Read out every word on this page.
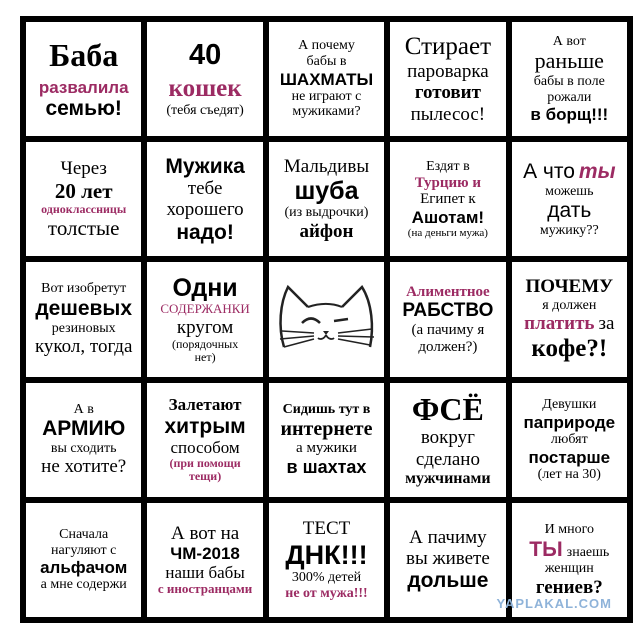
Баба
развалила
семью!
40
кошек
(тебя съедят)
А почему
бабы в
ШАХМАТЫ
не играют с
мужиками?
Стирает
пароварка
готовит
пылесос!
А вот
раньше
бабы в поле
рожали
в борщ!!!
Через
20 лет
одноклассницы
толстые
Мужика
тебе
хорошего
надо!
Мальдивы
шуба
(из выдрочки)
айфон
Ездят в
Турцию и
Египет к
Ашотам!
(на деньги мужа)
А что ты
можешь
дать
мужику??
Вот изобретут
дешевых
резиновых
кукол, тогда
Одни
СОДЕРЖАНКИ
кругом
(порядочных
нет)
Алиментное
РАБСТВО
(а пачиму я
должен?)
ПОЧЕМУ
я должен
платить за
кофе?!
А в
АРМИЮ
вы сходить
не хотите?
Залетают
хитрым
способом
(при помощи
тещи)
Сидишь тут в
интернете
а мужики
в шахтах
ФСЁ
вокруг
сделано
мужчинами
Девушки
паприроде
любят
постарше
(лет на 30)
Сначала
нагуляют с
альфачом
а мне содержи
А вот на
ЧМ-2018
наши бабы
с иностранцами
ТЕСТ
ДНК!!!
300% детей
не от мужа!!!
А пачиму
вы живете
дольше
И много
ТЫ знаешь
женщин
гениев?
YAPLAKAL.COM
